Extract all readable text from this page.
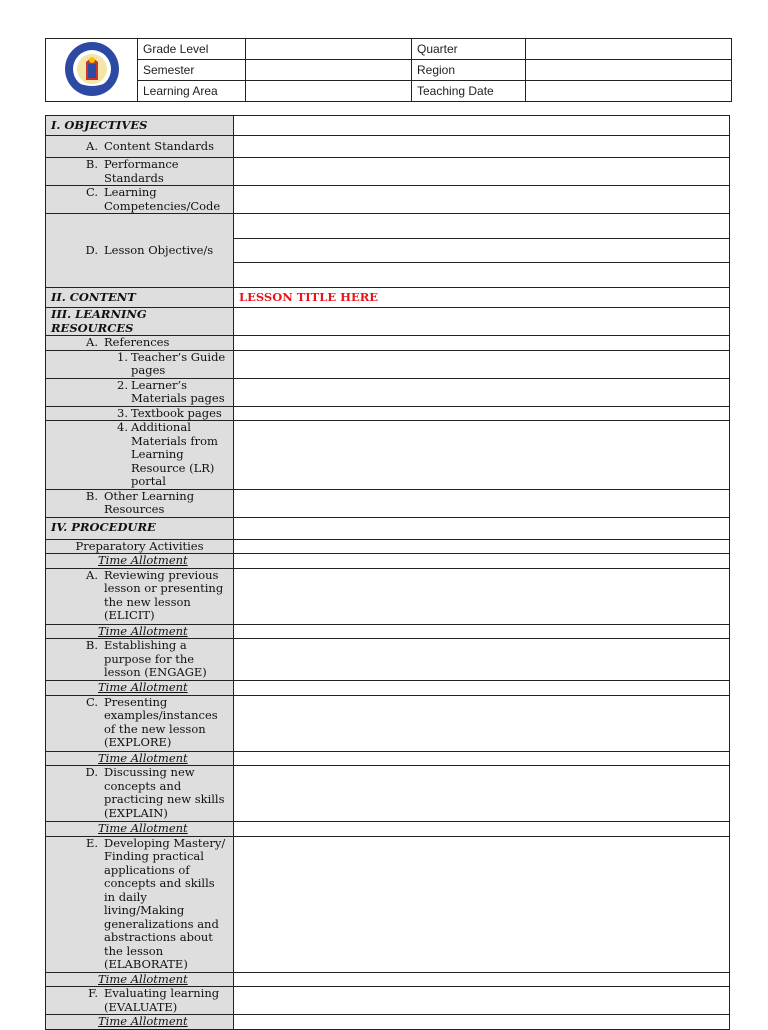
	Grade Level		Quarter	
	Semester		Region	
	Learning Area		Teaching Date	
I. OBJECTIVES	

A. Content Standards	

B. Performance Standards	

C. Learning Competencies/Code	

D. Lesson Objective/s	

II. CONTENT	LESSON TITLE HERE
III. LEARNING RESOURCES	

A. References	

1. Teacher’s Guide pages	

2. Learner’s Materials pages	

3. Textbook pages	

4. Additional Materials from Learning Resource (LR) portal	

B. Other Learning Resources	

IV. PROCEDURE	
Preparatory Activities	
Time Allotment	

A. Reviewing previous lesson or presenting the new lesson (ELICIT)	

Time Allotment	

B. Establishing a purpose for the lesson (ENGAGE)	

Time Allotment	

C. Presenting examples/instances of the new lesson (EXPLORE)	

Time Allotment	

D. Discussing new concepts and practicing new skills (EXPLAIN)	

Time Allotment	

E. Developing Mastery/ Finding practical applications of concepts and skills in daily living/Making generalizations and abstractions about the lesson (ELABORATE)	

Time Allotment	

F. Evaluating learning (EVALUATE)	

Time Allotment	
